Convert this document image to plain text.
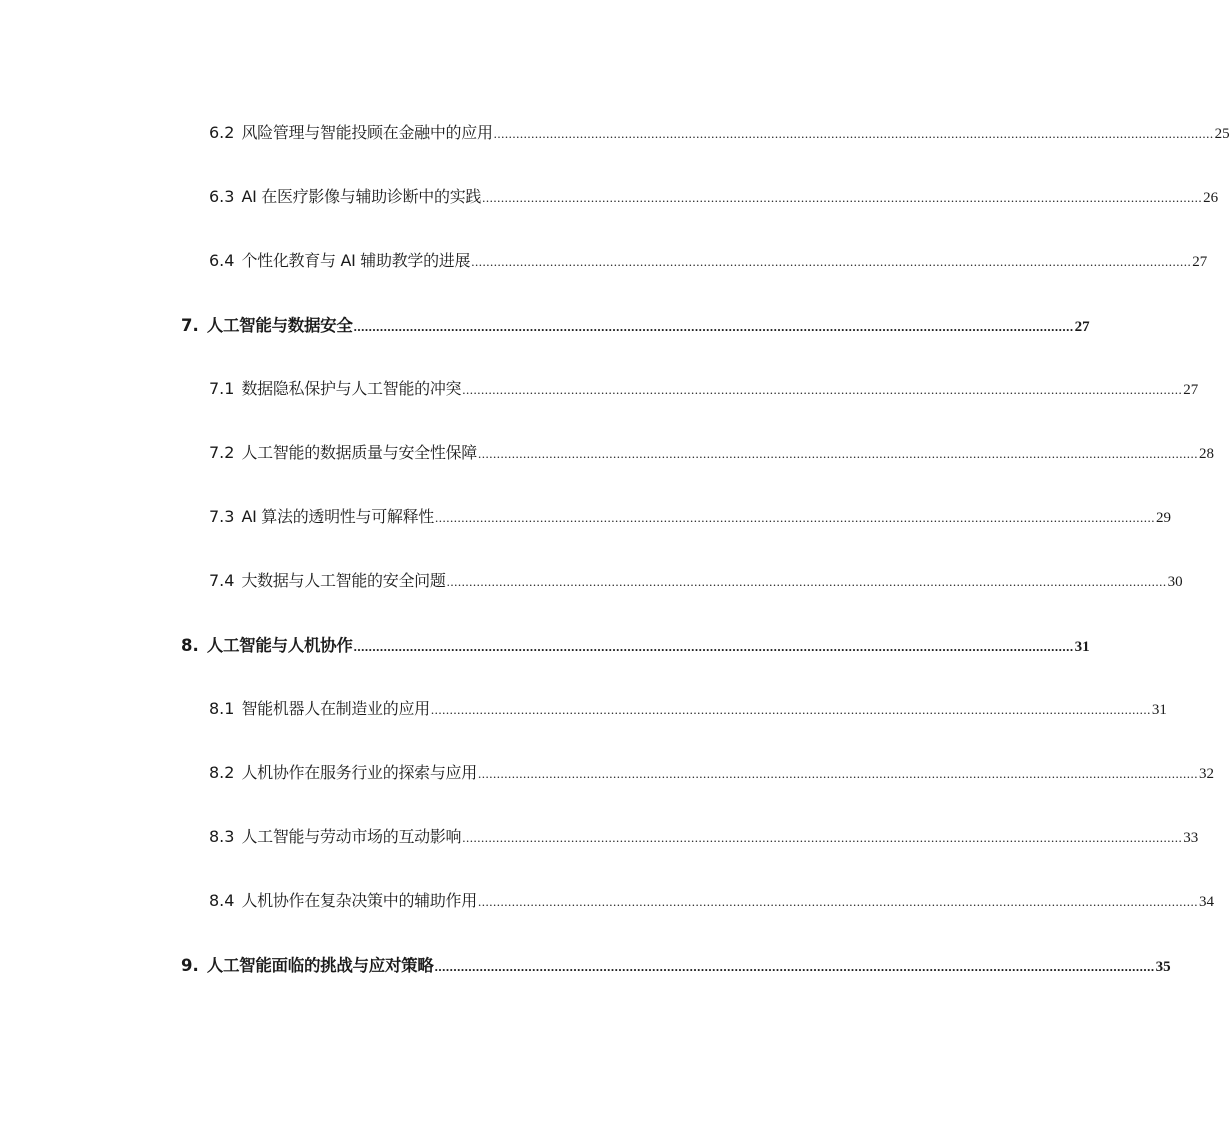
6.2 风险管理与智能投顾在金融中的应用 ................................................................................................................................................................................................ 25
6.3 AI 在医疗影像与辅助诊断中的实践 ................................................................................................................................................................................................ 26
6.4 个性化教育与 AI 辅助教学的进展 ................................................................................................................................................................................................ 27
7. 人工智能与数据安全 ................................................................................................................................................................................................ 27
7.1 数据隐私保护与人工智能的冲突 ................................................................................................................................................................................................ 27
7.2 人工智能的数据质量与安全性保障 ................................................................................................................................................................................................ 28
7.3 AI 算法的透明性与可解释性 ................................................................................................................................................................................................ 29
7.4 大数据与人工智能的安全问题 ................................................................................................................................................................................................ 30
8. 人工智能与人机协作 ................................................................................................................................................................................................ 31
8.1 智能机器人在制造业的应用 ................................................................................................................................................................................................ 31
8.2 人机协作在服务行业的探索与应用 ................................................................................................................................................................................................ 32
8.3 人工智能与劳动市场的互动影响 ................................................................................................................................................................................................ 33
8.4 人机协作在复杂决策中的辅助作用 ................................................................................................................................................................................................ 34
9. 人工智能面临的挑战与应对策略 ................................................................................................................................................................................................ 35
